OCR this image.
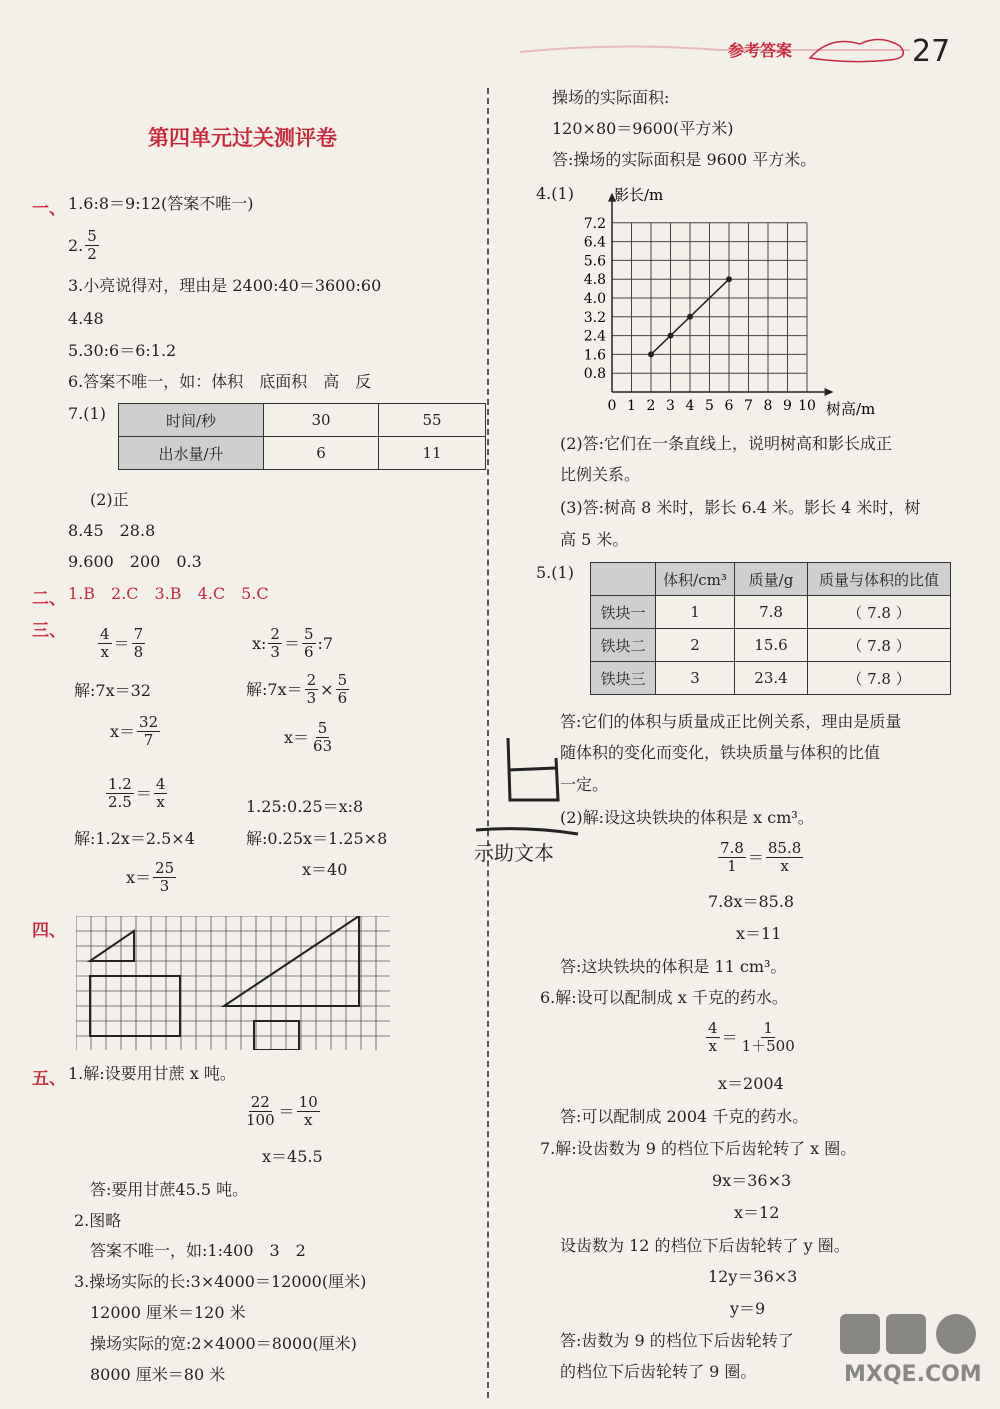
参考答案	27
第四单元过关测评卷
一、 1.6:8＝9:12(答案不唯一)
2. $\frac{5}{2}$
3.小亮说得对，理由是 2400:40＝3600:60
4.48
5.30:6＝6:1.2
6.答案不唯一，如：体积　底面积　高　反
7.(1)	时间/秒	30	55
出水量/升	6	11
(2)正
8.45　28.8
9.600　200　0.3
二、 1.B　2.C　3.B　4.C　5.C
三、 $\frac{4}{x} = \frac{7}{8}$
解:7x＝32
$x= \frac{32}{7}$
x: $\frac{2}{3} = \frac{5}{6}$ :7
解:7x＝ $\frac{2}{3} \times \frac{5}{6}$
$x= \frac{5}{63}$
$\frac{1.2}{2.5} = \frac{4}{x}$
解:1.2x＝2.5×4
$x= \frac{25}{3}$
1.25:0.25＝x:8
解:0.25x＝1.25×8
x＝40
四、
五、 1.解:设要用甘蔗 x 吨。
$\frac{22}{100} = \frac{10}{x}$
x＝45.5
答:要用甘蔗45.5 吨。
2.图略
答案不唯一，如:1:400　3　2
3.操场实际的长:3×4000＝12000(厘米)
12000 厘米＝120 米
操场实际的宽:2×4000＝8000(厘米)
8000 厘米＝80 米
操场的实际面积:
120×80＝9600(平方米)
答:操场的实际面积是 9600 平方米。
4.(1)	影长/m
树高/m
0 1 2 3 4 5 6 7 8 9 10
0.8
1.6
2.4
3.2
4.0
4.8
5.6
6.4
7.2
(2)答:它们在一条直线上，说明树高和影长成正
比例关系。
(3)答:树高 8 米时，影长 6.4 米。影长 4 米时，树
高 5 米。
5.(1)
		体积/cm³	质量/g	质量与体积的比值
铁块一	1	7.8	（ 7.8 ）
铁块二	2	15.6	（ 7.8 ）
铁块三	3	23.4	（ 7.8 ）
答:它们的体积与质量成正比例关系，理由是质量
随体积的变化而变化，铁块质量与体积的比值
一定。
示助文本
(2)解:设这块铁块的体积是 x cm³。
$\frac{7.8}{1} = \frac{85.8}{x}$
7.8x＝85.8
x＝11
答:这块铁块的体积是 11 cm³。
6.解:设可以配制成 x 千克的药水。
$\frac{4}{x} = \frac{1}{1+500}$
x＝2004
答:可以配制成 2004 千克的药水。
7.解:设齿数为 9 的档位下后齿轮转了 x 圈。
9x＝36×3
x＝12
设齿数为 12 的档位下后齿轮转了 y 圈。
12y＝36×3
y＝9
答:齿数为 9 的档位下后齿轮转了
的档位下后齿轮转了 9 圈。	MXQE.COM
